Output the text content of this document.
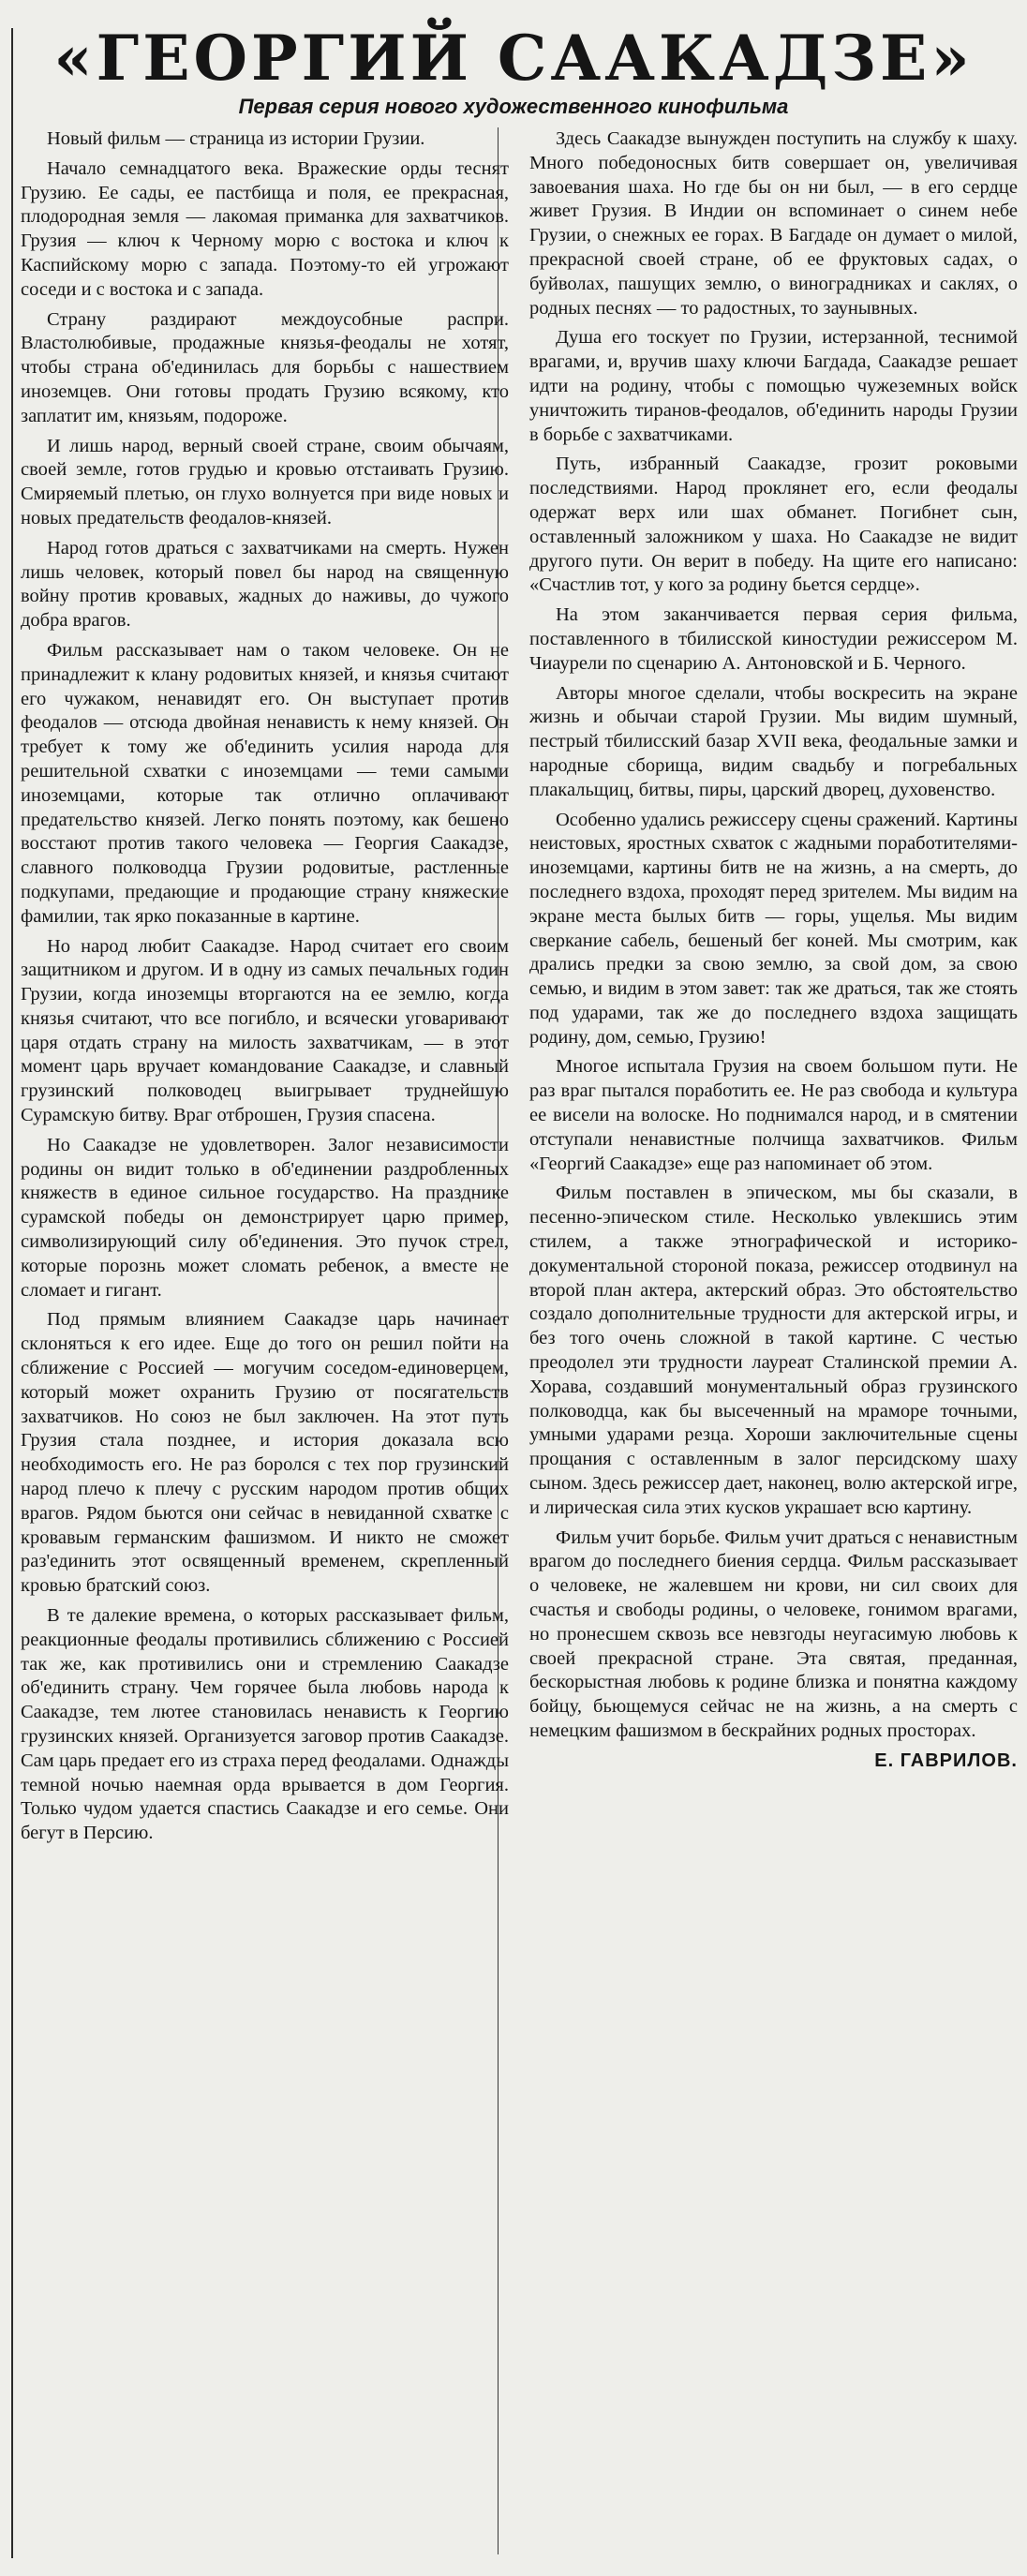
«ГЕОРГИЙ СААКАДЗЕ»
Первая серия нового художественного кинофильма

Новый фильм — страница из истории Грузии.

Начало семнадцатого века. Вражеские орды теснят Грузию. Ее сады, ее пастбища и поля, ее прекрасная, плодородная земля — лакомая приманка для захватчиков. Грузия — ключ к Черному морю с востока и ключ к Каспийскому морю с запада. Поэтому-то ей угрожают соседи и с востока и с запада.

Страну раздирают междоусобные распри. Властолюбивые, продажные князья-феодалы не хотят, чтобы страна об'единилась для борьбы с нашествием иноземцев. Они готовы продать Грузию всякому, кто заплатит им, князьям, подороже.

И лишь народ, верный своей стране, своим обычаям, своей земле, готов грудью и кровью отстаивать Грузию. Смиряемый плетью, он глухо волнуется при виде новых и новых предательств феодалов-князей.

Народ готов драться с захватчиками на смерть. Нужен лишь человек, который повел бы народ на священную войну против кровавых, жадных до наживы, до чужого добра врагов.

Фильм рассказывает нам о таком человеке. Он не принадлежит к клану родовитых князей, и князья считают его чужаком, ненавидят его. Он выступает против феодалов — отсюда двойная ненависть к нему князей. Он требует к тому же об'единить усилия народа для решительной схватки с иноземцами — теми самыми иноземцами, которые так отлично оплачивают предательство князей. Легко понять поэтому, как бешено восстают против такого человека — Георгия Саакадзе, славного полководца Грузии родовитые, растленные подкупами, предающие и продающие страну княжеские фамилии, так ярко показанные в картине.

Но народ любит Саакадзе. Народ считает его своим защитником и другом. И в одну из самых печальных годин Грузии, когда иноземцы вторгаются на ее землю, когда князья считают, что все погибло, и всячески уговаривают царя отдать страну на милость захватчикам, — в этот момент царь вручает командование Саакадзе, и славный грузинский полководец выигрывает труднейшую Сурамскую битву. Враг отброшен, Грузия спасена.

Но Саакадзе не удовлетворен. Залог независимости родины он видит только в об'единении раздробленных княжеств в единое сильное государство. На празднике сурамской победы он демонстрирует царю пример, символизирующий силу об'единения. Это пучок стрел, которые порознь может сломать ребенок, а вместе не сломает и гигант.

Под прямым влиянием Саакадзе царь начинает склоняться к его идее. Еще до того он решил пойти на сближение с Россией — могучим соседом-единоверцем, который может охранить Грузию от посягательств захватчиков. Но союз не был заключен. На этот путь Грузия стала позднее, и история доказала всю необходимость его. Не раз боролся с тех пор грузинский народ плечо к плечу с русским народом против общих врагов. Рядом бьются они сейчас в невиданной схватке с кровавым германским фашизмом. И никто не сможет раз'единить этот освященный временем, скрепленный кровью братский союз.

В те далекие времена, о которых рассказывает фильм, реакционные феодалы противились сближению с Россией так же, как противились они и стремлению Саакадзе об'единить страну. Чем горячее была любовь народа к Саакадзе, тем лютее становилась ненависть к Георгию грузинских князей. Организуется заговор против Саакадзе. Сам царь предает его из страха перед феодалами. Однажды темной ночью наемная орда врывается в дом Георгия. Только чудом удается спастись Саакадзе и его семье. Они бегут в Персию.

Здесь Саакадзе вынужден поступить на службу к шаху. Много победоносных битв совершает он, увеличивая завоевания шаха. Но где бы он ни был, — в его сердце живет Грузия. В Индии он вспоминает о синем небе Грузии, о снежных ее горах. В Багдаде он думает о милой, прекрасной своей стране, об ее фруктовых садах, о буйволах, пашущих землю, о виноградниках и саклях, о родных песнях — то радостных, то заунывных.

Душа его тоскует по Грузии, истерзанной, теснимой врагами, и, вручив шаху ключи Багдада, Саакадзе решает идти на родину, чтобы с помощью чужеземных войск уничтожить тиранов-феодалов, об'единить народы Грузии в борьбе с захватчиками.

Путь, избранный Саакадзе, грозит роковыми последствиями. Народ проклянет его, если феодалы одержат верх или шах обманет. Погибнет сын, оставленный заложником у шаха. Но Саакадзе не видит другого пути. Он верит в победу. На щите его написано: «Счастлив тот, у кого за родину бьется сердце».

На этом заканчивается первая серия фильма, поставленного в тбилисской киностудии режиссером М. Чиаурели по сценарию А. Антоновской и Б. Черного.

Авторы многое сделали, чтобы воскресить на экране жизнь и обычаи старой Грузии. Мы видим шумный, пестрый тбилисский базар XVII века, феодальные замки и народные сборища, видим свадьбу и погребальных плакальщиц, битвы, пиры, царский дворец, духовенство.

Особенно удались режиссеру сцены сражений. Картины неистовых, яростных схваток с жадными поработителями-иноземцами, картины битв не на жизнь, а на смерть, до последнего вздоха, проходят перед зрителем. Мы видим на экране места былых битв — горы, ущелья. Мы видим сверкание сабель, бешеный бег коней. Мы смотрим, как дрались предки за свою землю, за свой дом, за свою семью, и видим в этом завет: так же драться, так же стоять под ударами, так же до последнего вздоха защищать родину, дом, семью, Грузию!

Многое испытала Грузия на своем большом пути. Не раз враг пытался поработить ее. Не раз свобода и культура ее висели на волоске. Но поднимался народ, и в смятении отступали ненавистные полчища захватчиков. Фильм «Георгий Саакадзе» еще раз напоминает об этом.

Фильм поставлен в эпическом, мы бы сказали, в песенно-эпическом стиле. Несколько увлекшись этим стилем, а также этнографической и историко-документальной стороной показа, режиссер отодвинул на второй план актера, актерский образ. Это обстоятельство создало дополнительные трудности для актерской игры, и без того очень сложной в такой картине. С честью преодолел эти трудности лауреат Сталинской премии А. Хорава, создавший монументальный образ грузинского полководца, как бы высеченный на мраморе точными, умными ударами резца. Хороши заключительные сцены прощания с оставленным в залог персидскому шаху сыном. Здесь режиссер дает, наконец, волю актерской игре, и лирическая сила этих кусков украшает всю картину.

Фильм учит борьбе. Фильм учит драться с ненавистным врагом до последнего биения сердца. Фильм рассказывает о человеке, не жалевшем ни крови, ни сил своих для счастья и свободы родины, о человеке, гонимом врагами, но пронесшем сквозь все невзгоды неугасимую любовь к своей прекрасной стране. Эта святая, преданная, бескорыстная любовь к родине близка и понятна каждому бойцу, бьющемуся сейчас не на жизнь, а на смерть с немецким фашизмом в бескрайних родных просторах.

Е. ГАВРИЛОВ.
